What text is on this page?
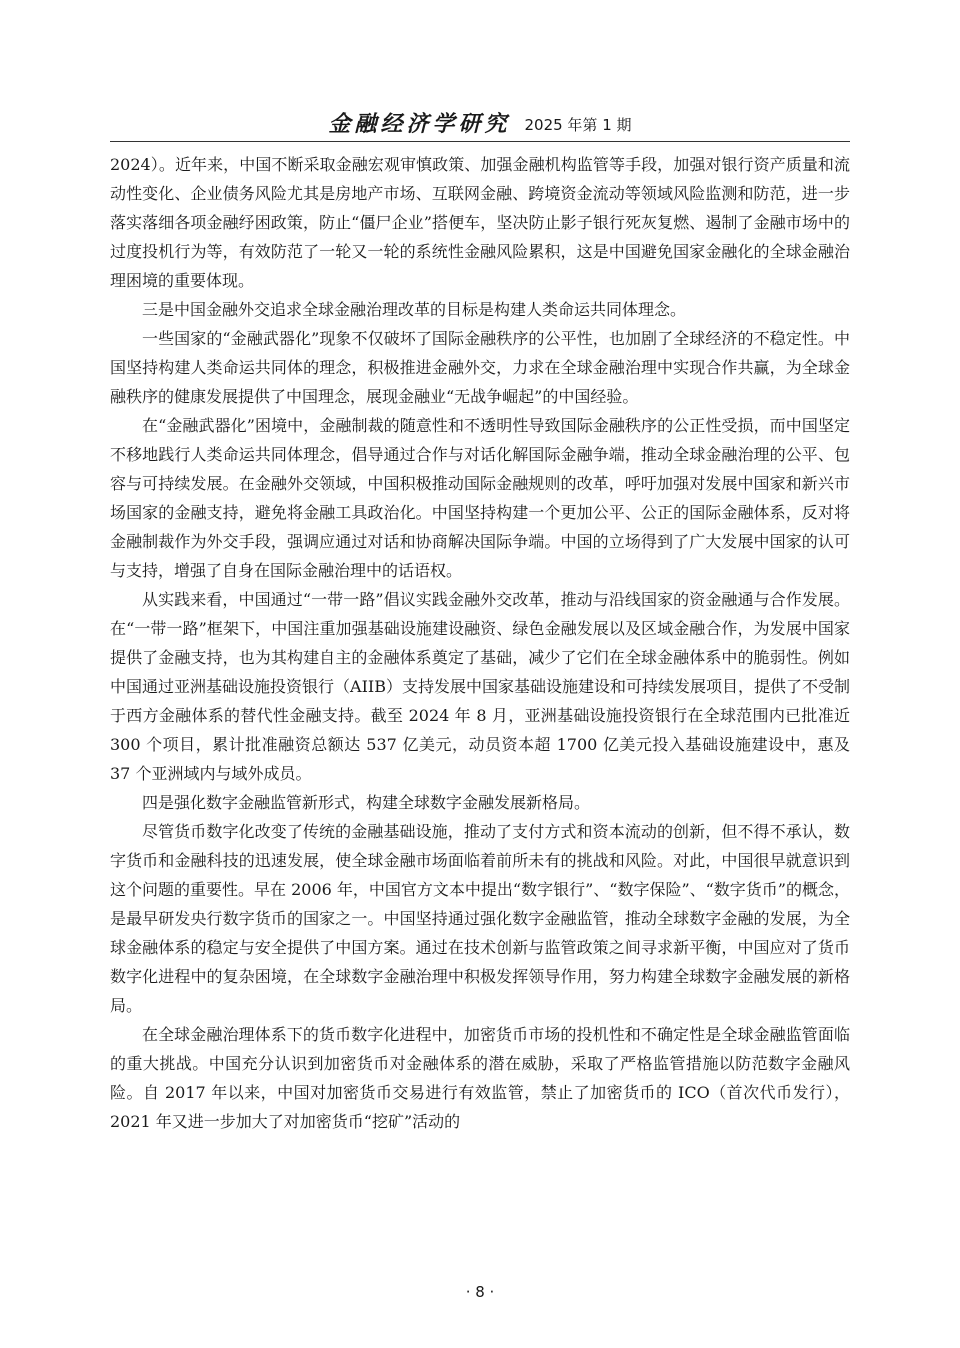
金融经济学研究 2025 年第 1 期

2024）。近年来，中国不断采取金融宏观审慎政策、加强金融机构监管等手段，加强对银行资产质量和流动性变化、企业债务风险尤其是房地产市场、互联网金融、跨境资金流动等领域风险监测和防范，进一步落实落细各项金融纾困政策，防止“僵尸企业”搭便车，坚决防止影子银行死灰复燃、遏制了金融市场中的过度投机行为等，有效防范了一轮又一轮的系统性金融风险累积，这是中国避免国家金融化的全球金融治理困境的重要体现。

三是中国金融外交追求全球金融治理改革的目标是构建人类命运共同体理念。

一些国家的“金融武器化”现象不仅破坏了国际金融秩序的公平性，也加剧了全球经济的不稳定性。中国坚持构建人类命运共同体的理念，积极推进金融外交，力求在全球金融治理中实现合作共赢，为全球金融秩序的健康发展提供了中国理念，展现金融业“无战争崛起”的中国经验。

在“金融武器化”困境中，金融制裁的随意性和不透明性导致国际金融秩序的公正性受损，而中国坚定不移地践行人类命运共同体理念，倡导通过合作与对话化解国际金融争端，推动全球金融治理的公平、包容与可持续发展。在金融外交领域，中国积极推动国际金融规则的改革，呼吁加强对发展中国家和新兴市场国家的金融支持，避免将金融工具政治化。中国坚持构建一个更加公平、公正的国际金融体系，反对将金融制裁作为外交手段，强调应通过对话和协商解决国际争端。中国的立场得到了广大发展中国家的认可与支持，增强了自身在国际金融治理中的话语权。

从实践来看，中国通过“一带一路”倡议实践金融外交改革，推动与沿线国家的资金融通与合作发展。在“一带一路”框架下，中国注重加强基础设施建设融资、绿色金融发展以及区域金融合作，为发展中国家提供了金融支持，也为其构建自主的金融体系奠定了基础，减少了它们在全球金融体系中的脆弱性。例如中国通过亚洲基础设施投资银行（AIIB）支持发展中国家基础设施建设和可持续发展项目，提供了不受制于西方金融体系的替代性金融支持。截至 2024 年 8 月，亚洲基础设施投资银行在全球范围内已批准近 300 个项目，累计批准融资总额达 537 亿美元，动员资本超 1700 亿美元投入基础设施建设中，惠及 37 个亚洲域内与域外成员。

四是强化数字金融监管新形式，构建全球数字金融发展新格局。

尽管货币数字化改变了传统的金融基础设施，推动了支付方式和资本流动的创新，但不得不承认，数字货币和金融科技的迅速发展，使全球金融市场面临着前所未有的挑战和风险。对此，中国很早就意识到这个问题的重要性。早在 2006 年，中国官方文本中提出“数字银行”、“数字保险”、“数字货币”的概念，是最早研发央行数字货币的国家之一。中国坚持通过强化数字金融监管，推动全球数字金融的发展，为全球金融体系的稳定与安全提供了中国方案。通过在技术创新与监管政策之间寻求新平衡，中国应对了货币数字化进程中的复杂困境，在全球数字金融治理中积极发挥领导作用，努力构建全球数字金融发展的新格局。

在全球金融治理体系下的货币数字化进程中，加密货币市场的投机性和不确定性是全球金融监管面临的重大挑战。中国充分认识到加密货币对金融体系的潜在威胁，采取了严格监管措施以防范数字金融风险。自 2017 年以来，中国对加密货币交易进行有效监管，禁止了加密货币的 ICO（首次代币发行），2021 年又进一步加大了对加密货币“挖矿”活动的

· 8 ·
